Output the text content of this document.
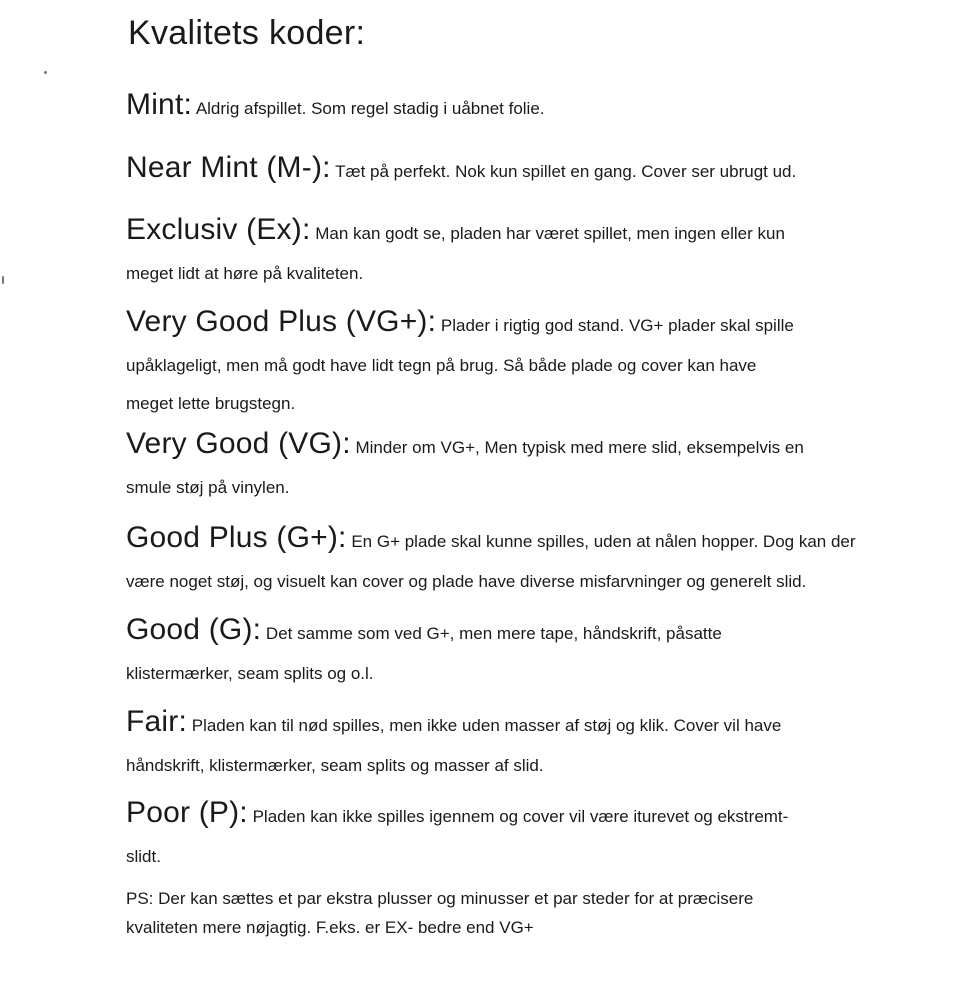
Kvalitets koder:
Mint: Aldrig afspillet. Som regel stadig i uåbnet folie.
Near Mint (M-): Tæt på perfekt. Nok kun spillet en gang. Cover ser ubrugt ud.
Exclusiv (Ex): Man kan godt se, pladen har været spillet, men ingen eller kun
meget lidt at høre på kvaliteten.
Very Good Plus (VG+): Plader i rigtig god stand. VG+ plader skal spille
upåklageligt, men må godt have lidt tegn på brug. Så både plade og cover kan have
meget lette brugstegn.
Very Good (VG): Minder om VG+, Men typisk med mere slid, eksempelvis en
smule støj på vinylen.
Good Plus (G+): En G+ plade skal kunne spilles, uden at nålen hopper. Dog kan der
være noget støj, og visuelt kan cover og plade have diverse misfarvninger og generelt slid.
Good (G): Det samme som ved G+, men mere tape, håndskrift, påsatte
klistermærker, seam splits og o.l.
Fair: Pladen kan til nød spilles, men ikke uden masser af støj og klik. Cover vil have
håndskrift, klistermærker, seam splits og masser af slid.
Poor (P): Pladen kan ikke spilles igennem og cover vil være iturevet og ekstremt-
slidt.
PS: Der kan sættes et par ekstra plusser og minusser et par steder for at præcisere
kvaliteten mere nøjagtig. F.eks. er EX- bedre end VG+
